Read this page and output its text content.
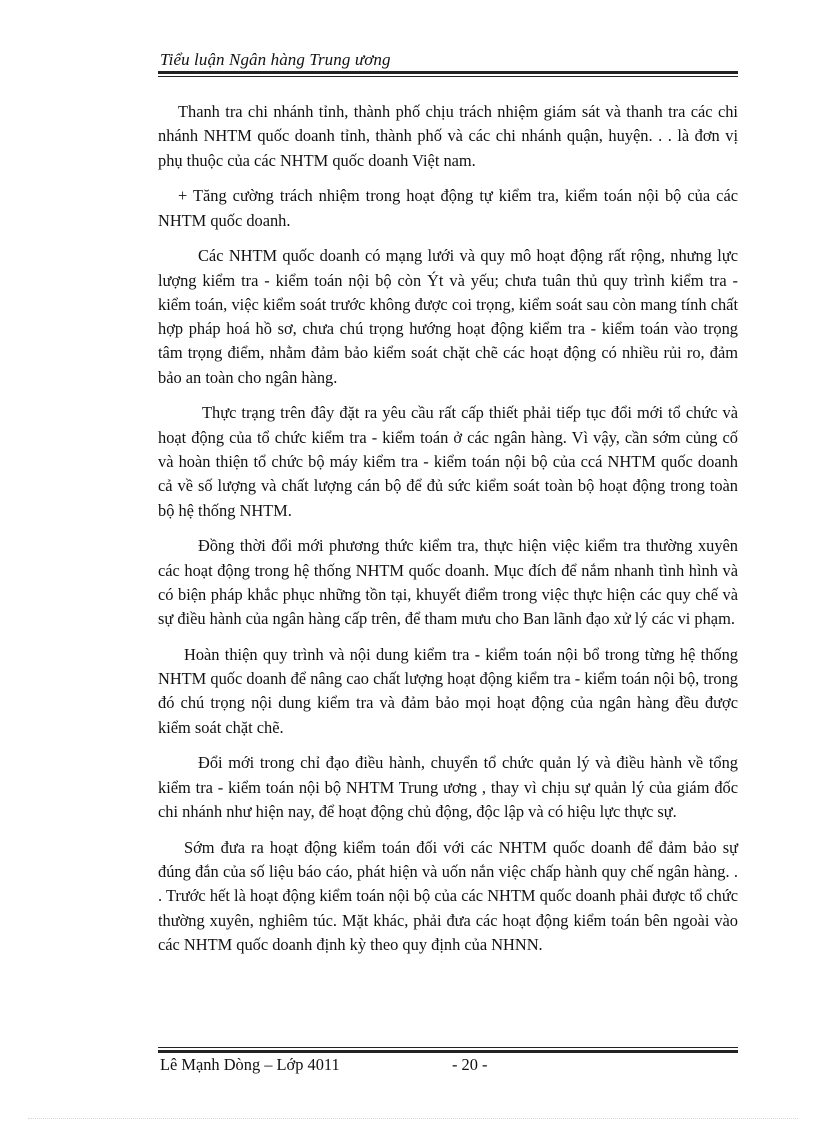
Tiểu luận Ngân hàng Trung ương

Thanh tra chi nhánh tỉnh, thành phố chịu trách nhiệm giám sát và thanh tra các chi nhánh NHTM quốc doanh tỉnh, thành phố và các chi nhánh quận, huyện. . . là đơn vị phụ thuộc của các NHTM quốc doanh Việt nam.

+ Tăng cường trách nhiệm trong hoạt động tự kiểm tra, kiểm toán nội bộ của các NHTM quốc doanh.

Các NHTM quốc doanh có mạng lưới và quy mô hoạt động rất rộng, nhưng lực lượng kiểm tra - kiểm toán nội bộ còn Ýt và yếu; chưa tuân thủ quy trình kiểm tra - kiểm toán, việc kiểm soát trước không được coi trọng, kiểm soát sau còn mang tính chất hợp pháp hoá hồ sơ, chưa chú trọng hướng hoạt động kiểm tra - kiểm toán vào trọng tâm trọng điểm, nhằm đảm bảo kiểm soát chặt chẽ các hoạt động có nhiều rủi ro, đảm bảo an toàn cho ngân hàng.

Thực trạng trên đây đặt ra yêu cầu rất cấp thiết phải tiếp tục đổi mới tổ chức và hoạt động của tổ chức kiểm tra - kiểm toán ở các ngân hàng. Vì vậy, cần sớm củng cố và hoàn thiện tổ chức bộ máy kiểm tra - kiểm toán nội bộ của ccá NHTM quốc doanh cả về số lượng và chất lượng cán bộ để đủ sức kiểm soát toàn bộ hoạt động trong toàn bộ hệ thống NHTM.

Đồng thời đổi mới phương thức kiểm tra, thực hiện việc kiểm tra thường xuyên các hoạt động trong hệ thống NHTM quốc doanh. Mục đích để nắm nhanh tình hình và có biện pháp khắc phục những tồn tại, khuyết điểm trong việc thực hiện các quy chế và sự điều hành của ngân hàng cấp trên, để tham mưu cho Ban lãnh đạo xử lý các vi phạm.

Hoàn thiện quy trình và nội dung kiểm tra - kiểm toán nội bổ trong từng hệ thống NHTM quốc doanh để nâng cao chất lượng hoạt động kiểm tra - kiểm toán nội bộ, trong đó chú trọng nội dung kiểm tra và đảm bảo mọi hoạt động của ngân hàng đều được kiểm soát chặt chẽ.

Đổi mới trong chỉ đạo điều hành, chuyển tổ chức quản lý và điều hành về tổng kiểm tra - kiểm toán nội bộ NHTM Trung ương , thay vì chịu sự quản lý của giám đốc chi nhánh như hiện nay, để hoạt động chủ động, độc lập và có hiệu lực thực sự.

Sớm đưa ra hoạt động kiểm toán đối với các NHTM quốc doanh để đảm bảo sự đúng đắn của số liệu báo cáo, phát hiện và uốn nắn việc chấp hành quy chế ngân hàng. . . Trước hết là hoạt động kiểm toán nội bộ của các NHTM quốc doanh phải được tổ chức thường xuyên, nghiêm túc. Mặt khác, phải đưa các hoạt động kiểm toán bên ngoài vào các NHTM quốc doanh định kỳ theo quy định của NHNN.

Lê Mạnh Dòng – Lớp 4011	- 20 -
